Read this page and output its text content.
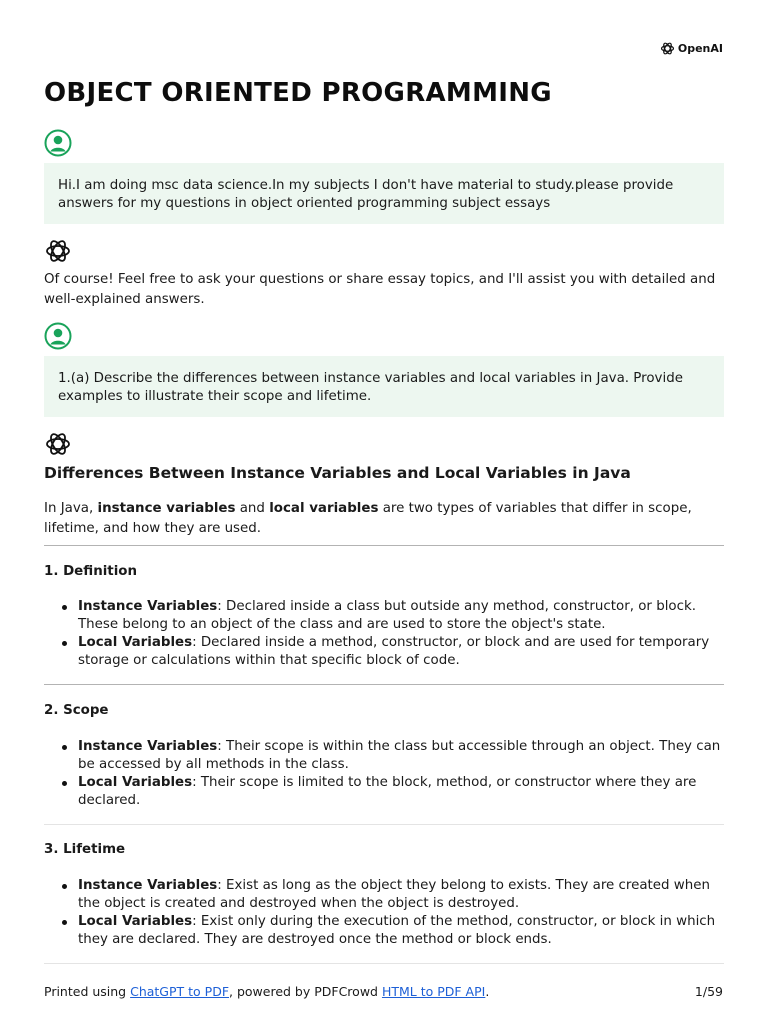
OpenAI
OBJECT ORIENTED PROGRAMMING
Hi.I am doing msc data science.In my subjects I don't have material to study.please provide answers for my questions in object oriented programming subject essays

Of course! Feel free to ask your questions or share essay topics, and I'll assist you with detailed and well-explained answers.

1.(a) Describe the differences between instance variables and local variables in Java. Provide examples to illustrate their scope and lifetime.
Differences Between Instance Variables and Local Variables in Java

In Java, instance variables and local variables are two types of variables that differ in scope, lifetime, and how they are used.

1. Definition
Instance Variables: Declared inside a class but outside any method, constructor, or block. These belong to an object of the class and are used to store the object's state.
Local Variables: Declared inside a method, constructor, or block and are used for temporary storage or calculations within that specific block of code.
2. Scope
Instance Variables: Their scope is within the class but accessible through an object. They can be accessed by all methods in the class.
Local Variables: Their scope is limited to the block, method, or constructor where they are declared.
3. Lifetime
Instance Variables: Exist as long as the object they belong to exists. They are created when the object is created and destroyed when the object is destroyed.
Local Variables: Exist only during the execution of the method, constructor, or block in which they are declared. They are destroyed once the method or block ends.
Printed using ChatGPT to PDF, powered by PDFCrowd HTML to PDF API.	1/59
